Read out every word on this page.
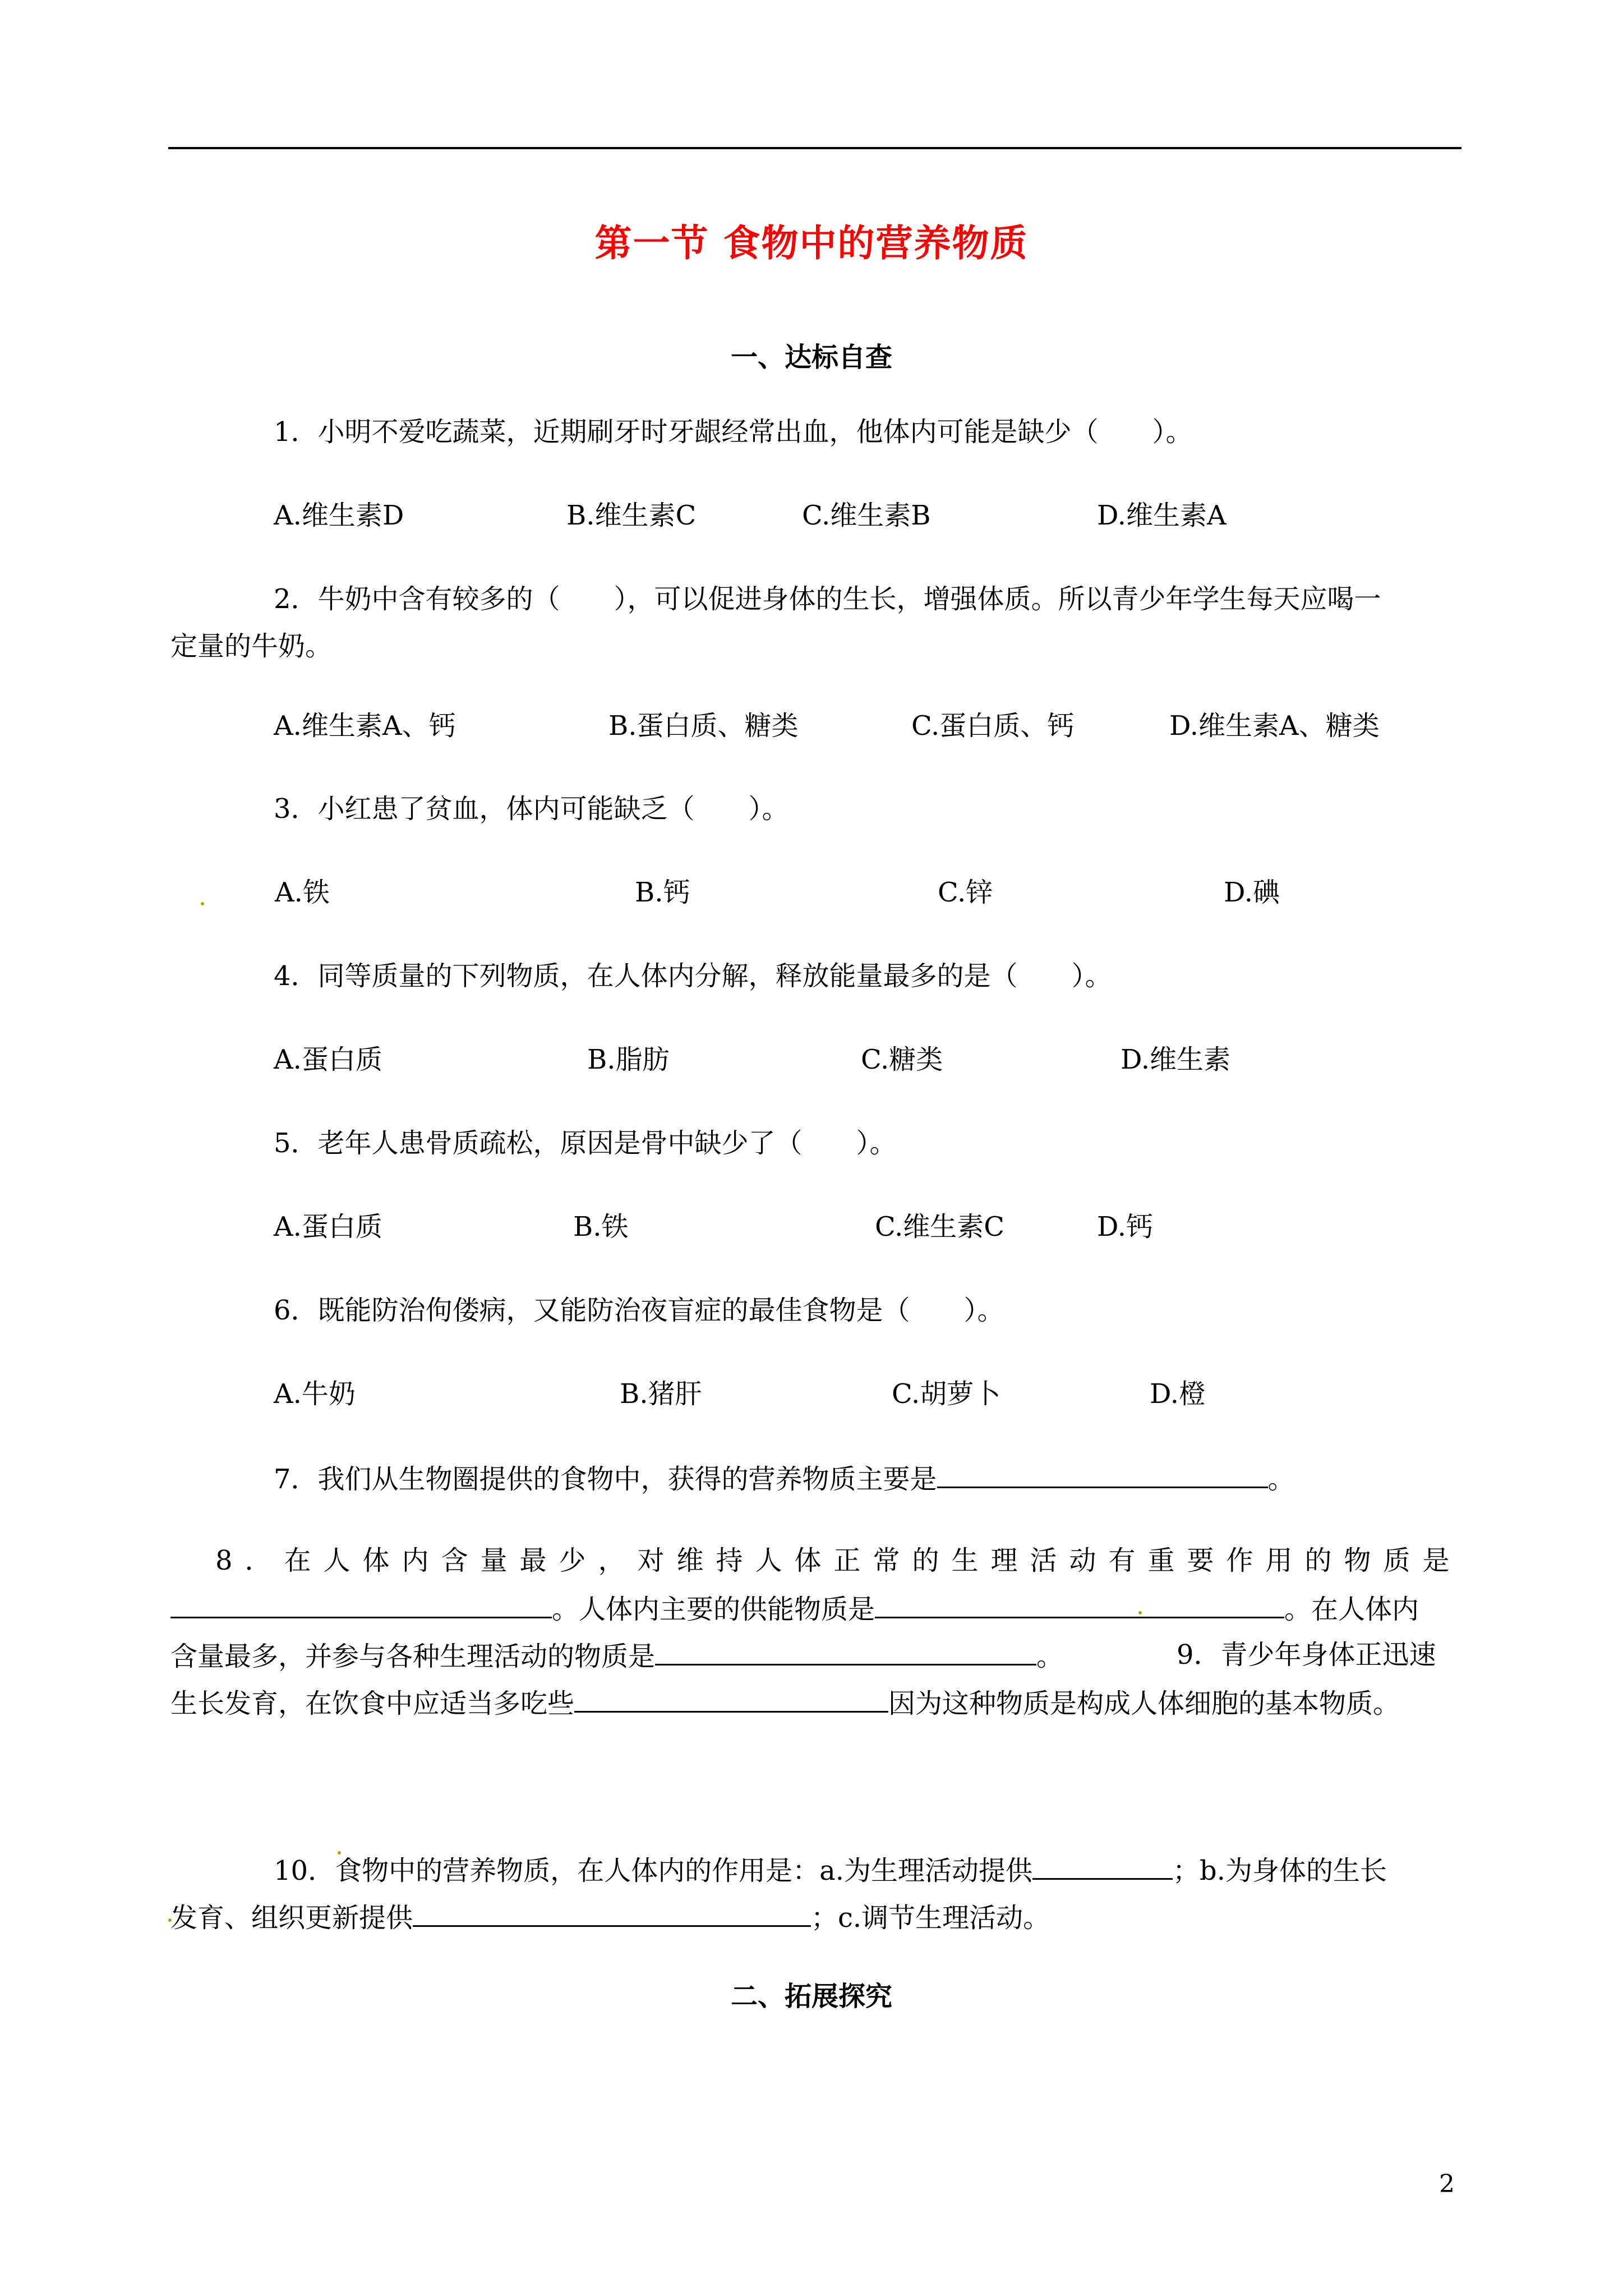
第一节 食物中的营养物质
一、达标自查
1．小明不爱吃蔬菜，近期刷牙时牙龈经常出血，他体内可能是缺少（　　）。
A.维生素D	B.维生素C	C.维生素B	D.维生素A
2．牛奶中含有较多的（　　），可以促进身体的生长，增强体质。所以青少年学生每天应喝一
定量的牛奶。
A.维生素A、钙	B.蛋白质、糖类	C.蛋白质、钙	D.维生素A、糖类
3．小红患了贫血，体内可能缺乏（　　）。
A.铁	B.钙	C.锌	D.碘
4．同等质量的下列物质，在人体内分解，释放能量最多的是（　　）。
A.蛋白质	B.脂肪	C.糖类	D.维生素
5．老年人患骨质疏松，原因是骨中缺少了（　　）。
A.蛋白质	B.铁	C.维生素C	D.钙
6．既能防治佝偻病，又能防治夜盲症的最佳食物是（　　）。
A.牛奶	B.猪肝	C.胡萝卜	D.橙
7．我们从生物圈提供的食物中，获得的营养物质主要是	。
8．在人体内含量最少，对维持人体正常的生理活动有重要作用的物质是
。人体内主要的供能物质是	。在人体内
含量最多，并参与各种生理活动的物质是	。	9．青少年身体正迅速
生长发育，在饮食中应适当多吃些	因为这种物质是构成人体细胞的基本物质。
10．食物中的营养物质，在人体内的作用是：a.为生理活动提供	；b.为身体的生长
发育、组织更新提供	；c.调节生理活动。
二、拓展探究
2
